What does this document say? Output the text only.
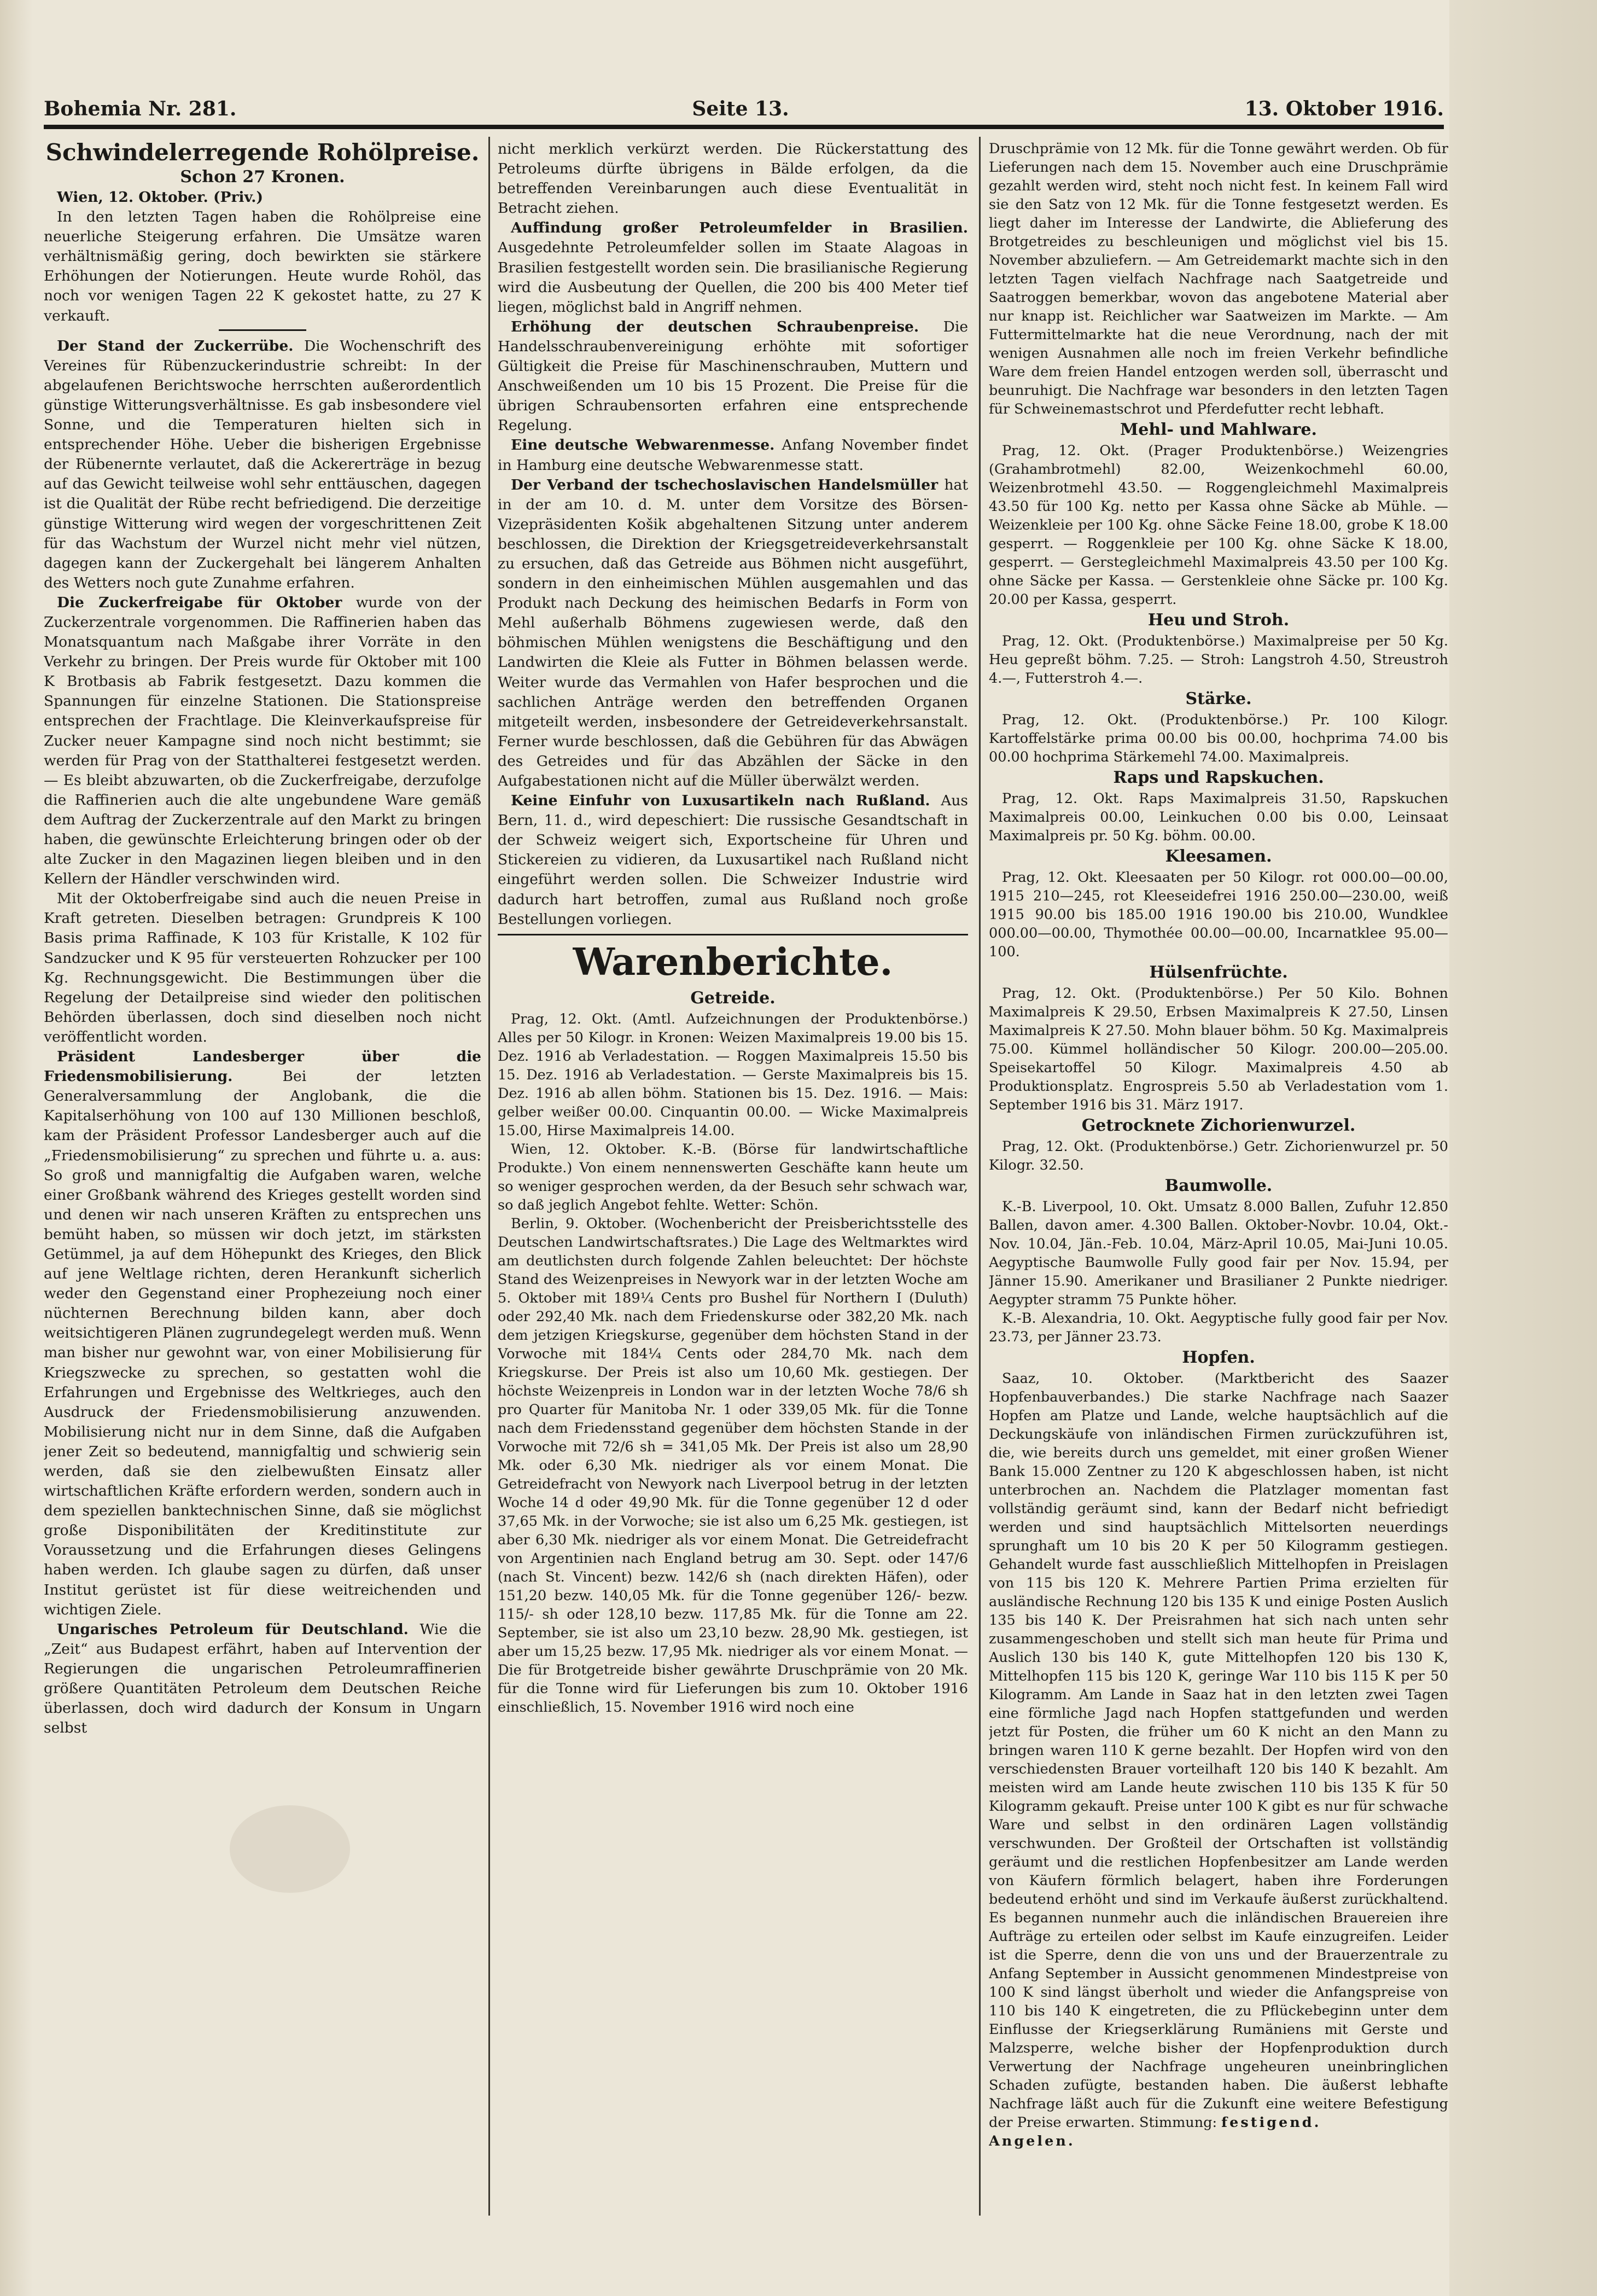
Bohemia Nr. 281.	Seite 13.	13. Oktober 1916.
Schwindelerregende Rohölpreise.
Schon 27 Kronen.

Wien, 12. Oktober. (Priv.)

In den letzten Tagen haben die Rohölpreise eine neuerliche Steigerung erfahren. Die Umsätze waren verhältnismäßig gering, doch bewirkten sie stärkere Erhöhungen der Notierungen. Heute wurde Rohöl, das noch vor wenigen Tagen 22 K gekostet hatte, zu 27 K verkauft.

Der Stand der Zuckerrübe. Die Wochenschrift des Vereines für Rübenzuckerindustrie schreibt: In der abgelaufenen Berichtswoche herrschten außerordentlich günstige Witterungsverhältnisse. Es gab insbesondere viel Sonne, und die Temperaturen hielten sich in entsprechender Höhe. Ueber die bisherigen Ergebnisse der Rübenernte verlautet, daß die Ackererträge in bezug auf das Gewicht teilweise wohl sehr enttäuschen, dagegen ist die Qualität der Rübe recht befriedigend. Die derzeitige günstige Witterung wird wegen der vorgeschrittenen Zeit für das Wachstum der Wurzel nicht mehr viel nützen, dagegen kann der Zuckergehalt bei längerem Anhalten des Wetters noch gute Zunahme erfahren.

Die Zuckerfreigabe für Oktober wurde von der Zuckerzentrale vorgenommen. Die Raffinerien haben das Monatsquantum nach Maßgabe ihrer Vorräte in den Verkehr zu bringen. Der Preis wurde für Oktober mit 100 K Brotbasis ab Fabrik festgesetzt. Dazu kommen die Spannungen für einzelne Stationen. Die Stationspreise entsprechen der Frachtlage. Die Kleinverkaufspreise für Zucker neuer Kampagne sind noch nicht bestimmt; sie werden für Prag von der Statthalterei festgesetzt werden. — Es bleibt abzuwarten, ob die Zuckerfreigabe, derzufolge die Raffinerien auch die alte ungebundene Ware gemäß dem Auftrag der Zuckerzentrale auf den Markt zu bringen haben, die gewünschte Erleichterung bringen oder ob der alte Zucker in den Magazinen liegen bleiben und in den Kellern der Händler verschwinden wird.

Mit der Oktoberfreigabe sind auch die neuen Preise in Kraft getreten. Dieselben betragen: Grundpreis K 100 Basis prima Raffinade, K 103 für Kristalle, K 102 für Sandzucker und K 95 für versteuerten Rohzucker per 100 Kg. Rechnungsgewicht. Die Bestimmungen über die Regelung der Detailpreise sind wieder den politischen Behörden überlassen, doch sind dieselben noch nicht veröffentlicht worden.

Präsident Landesberger über die Friedensmobilisierung.	Bei der letzten Generalversammlung der Anglobank, die die Kapitalserhöhung von 100 auf 130 Millionen beschloß, kam der Präsident Professor Landesberger auch auf die „Friedensmobilisierung“ zu sprechen und führte u. a. aus: So groß und mannigfaltig die Aufgaben waren, welche einer Großbank während des Krieges gestellt worden sind und denen wir nach unseren Kräften zu entsprechen uns bemüht haben, so müssen wir doch jetzt, im stärksten Getümmel, ja auf dem Höhepunkt des Krieges, den Blick auf jene Weltlage richten, deren Herankunft sicherlich weder den Gegenstand einer Prophezeiung noch einer nüchternen Berechnung bilden kann, aber doch weitsichtigeren Plänen zugrundegelegt werden muß. Wenn man bisher nur gewohnt war, von einer Mobilisierung für Kriegszwecke zu sprechen, so gestatten wohl die Erfahrungen und Ergebnisse des Weltkrieges, auch den Ausdruck der Friedensmobilisierung anzuwenden. Mobilisierung nicht nur in dem Sinne, daß die Aufgaben jener Zeit so bedeutend, mannigfaltig und schwierig sein werden, daß sie den zielbewußten Einsatz aller wirtschaftlichen Kräfte erfordern werden, sondern auch in dem speziellen banktechnischen Sinne, daß sie möglichst große Disponibilitäten der Kreditinstitute zur Voraussetzung und die Erfahrungen dieses Gelingens haben werden. Ich glaube sagen zu dürfen, daß unser Institut gerüstet ist für diese weitreichenden und wichtigen Ziele.

Ungarisches Petroleum für Deutschland. Wie die „Zeit“ aus Budapest erfährt, haben auf Intervention der Regierungen die ungarischen Petroleumraffinerien größere Quantitäten Petroleum dem Deutschen Reiche überlassen, doch wird dadurch der Konsum in Ungarn selbst

nicht merklich verkürzt werden. Die Rückerstattung des Petroleums dürfte übrigens in Bälde erfolgen, da die betreffenden Vereinbarungen auch diese Eventualität in Betracht ziehen.

Auffindung großer Petroleumfelder in Brasilien. Ausgedehnte Petroleumfelder sollen im Staate Alagoas in Brasilien festgestellt worden sein. Die brasilianische Regierung wird die Ausbeutung der Quellen, die 200 bis 400 Meter tief liegen, möglichst bald in Angriff nehmen.

Erhöhung der deutschen Schraubenpreise. Die Handelsschraubenvereinigung erhöhte mit sofortiger Gültigkeit die Preise für Maschinenschrauben, Muttern und Anschweißenden um 10 bis 15 Prozent. Die Preise für die übrigen Schraubensorten erfahren eine entsprechende Regelung.

Eine deutsche Webwarenmesse. Anfang November findet in Hamburg eine deutsche Webwarenmesse statt.

Der Verband der tschechoslavischen Handelsmüller hat in der am 10. d. M. unter dem Vorsitze des Börsen-Vizepräsidenten Košik abgehaltenen Sitzung unter anderem beschlossen, die Direktion der Kriegsgetreideverkehrsanstalt zu ersuchen, daß das Getreide aus Böhmen nicht ausgeführt, sondern in den einheimischen Mühlen ausgemahlen und das Produkt nach Deckung des heimischen Bedarfs in Form von Mehl außerhalb Böhmens zugewiesen werde, daß den böhmischen Mühlen wenigstens die Beschäftigung und den Landwirten die Kleie als Futter in Böhmen belassen werde. Weiter wurde das Vermahlen von Hafer besprochen und die sachlichen Anträge werden den betreffenden Organen mitgeteilt werden, insbesondere der Getreideverkehrsanstalt. Ferner wurde beschlossen, daß die Gebühren für das Abwägen des Getreides und für das Abzählen der Säcke in den Aufgabestationen nicht auf die Müller überwälzt werden.

Keine Einfuhr von Luxusartikeln nach Rußland. Aus Bern, 11. d., wird depeschiert: Die russische Gesandtschaft in der Schweiz weigert sich, Exportscheine für Uhren und Stickereien zu vidieren, da Luxusartikel nach Rußland nicht eingeführt werden sollen. Die Schweizer Industrie wird dadurch hart betroffen, zumal aus Rußland noch große Bestellungen vorliegen.

Warenberichte.
Getreide.

Prag, 12. Okt. (Amtl. Aufzeichnungen der Produktenbörse.) Alles per 50 Kilogr. in Kronen: Weizen Maximalpreis 19.00 bis 15. Dez. 1916 ab Verladestation. — Roggen Maximalpreis 15.50 bis 15. Dez. 1916 ab Verladestation. — Gerste Maximalpreis bis 15. Dez. 1916 ab allen böhm. Stationen bis 15. Dez. 1916. — Mais: gelber weißer 00.00. Cinquantin 00.00. — Wicke Maximalpreis 15.00, Hirse Maximalpreis 14.00.

Wien, 12. Oktober. K.-B. (Börse für landwirtschaftliche Produkte.) Von einem nennenswerten Geschäfte kann heute um so weniger gesprochen werden, da der Besuch sehr schwach war, so daß jeglich Angebot fehlte. Wetter: Schön.

Berlin, 9. Oktober. (Wochenbericht der Preisberichtsstelle des Deutschen Landwirtschaftsrates.) Die Lage des Weltmarktes wird am deutlichsten durch folgende Zahlen beleuchtet: Der höchste Stand des Weizenpreises in Newyork war in der letzten Woche am 5. Oktober mit 189¼ Cents pro Bushel für Northern I (Duluth) oder 292,40 Mk. nach dem Friedenskurse oder 382,20 Mk. nach dem jetzigen Kriegskurse, gegenüber dem höchsten Stand in der Vorwoche mit 184¼ Cents oder 284,70 Mk. nach dem Kriegskurse. Der Preis ist also um 10,60 Mk. gestiegen. Der höchste Weizenpreis in London war in der letzten Woche 78/6 sh pro Quarter für Manitoba Nr. 1 oder 339,05 Mk. für die Tonne nach dem Friedensstand gegenüber dem höchsten Stande in der Vorwoche mit 72/6 sh = 341,05 Mk. Der Preis ist also um 28,90 Mk. oder 6,30 Mk. niedriger als vor einem Monat. Die Getreidefracht von Newyork nach Liverpool betrug in der letzten Woche 14 d oder 49,90 Mk. für die Tonne gegenüber 12 d oder 37,65 Mk. in der Vorwoche; sie ist also um 6,25 Mk. gestiegen, ist aber 6,30 Mk. niedriger als vor einem Monat. Die Getreidefracht von Argentinien nach England betrug am 30. Sept. oder 147/6 (nach St. Vincent) bezw. 142/6 sh (nach direkten Häfen), oder 151,20 bezw. 140,05 Mk. für die Tonne gegenüber 126/- bezw. 115/- sh oder 128,10 bezw. 117,85 Mk. für die Tonne am 22. September, sie ist also um 23,10 bezw. 28,90 Mk. gestiegen, ist aber um 15,25 bezw. 17,95 Mk. niedriger als vor einem Monat. — Die für Brotgetreide bisher gewährte Druschprämie von 20 Mk. für die Tonne wird für Lieferungen bis zum 10. Oktober 1916 einschließlich, 15. November 1916 wird noch eine

Druschprämie von 12 Mk. für die Tonne gewährt werden. Ob für Lieferungen nach dem 15. November auch eine Druschprämie gezahlt werden wird, steht noch nicht fest. In keinem Fall wird sie den Satz von 12 Mk. für die Tonne festgesetzt werden. Es liegt daher im Interesse der Landwirte, die Ablieferung des Brotgetreides zu beschleunigen und möglichst viel bis 15. November abzuliefern. — Am Getreidemarkt machte sich in den letzten Tagen vielfach Nachfrage nach Saatgetreide und Saatroggen bemerkbar, wovon das angebotene Material aber nur knapp ist. Reichlicher war Saatweizen im Markte. — Am Futtermittelmarkte hat die neue Verordnung, nach der mit wenigen Ausnahmen alle noch im freien Verkehr befindliche Ware dem freien Handel entzogen werden soll, überrascht und beunruhigt. Die Nachfrage war besonders in den letzten Tagen für Schweinemastschrot und Pferdefutter recht lebhaft.

Mehl- und Mahlware.

Prag, 12. Okt. (Prager Produktenbörse.) Weizengries (Grahambrotmehl) 82.00, Weizenkochmehl 60.00, Weizenbrotmehl 43.50. — Roggengleichmehl Maximalpreis 43.50 für 100 Kg. netto per Kassa ohne Säcke ab Mühle. — Weizenkleie per 100 Kg. ohne Säcke Feine 18.00, grobe K 18.00 gesperrt. — Roggenkleie per 100 Kg. ohne Säcke K 18.00, gesperrt. — Gerstegleichmehl Maximalpreis 43.50 per 100 Kg. ohne Säcke per Kassa. — Gerstenkleie ohne Säcke pr. 100 Kg. 20.00 per Kassa, gesperrt.

Heu und Stroh.

Prag, 12. Okt. (Produktenbörse.) Maximalpreise per 50 Kg. Heu gepreßt böhm. 7.25. — Stroh: Langstroh 4.50, Streustroh 4.—, Futterstroh 4.—.

Stärke.

Prag, 12. Okt. (Produktenbörse.) Pr. 100 Kilogr. Kartoffelstärke prima 00.00 bis 00.00, hochprima 74.00 bis 00.00 hochprima Stärkemehl 74.00. Maximalpreis.

Raps und Rapskuchen.

Prag, 12. Okt. Raps Maximalpreis 31.50, Rapskuchen Maximalpreis 00.00, Leinkuchen 0.00 bis 0.00, Leinsaat Maximalpreis pr. 50 Kg. böhm. 00.00.

Kleesamen.

Prag, 12. Okt. Kleesaaten per 50 Kilogr. rot 000.00—00.00, 1915 210—245, rot Kleeseidefrei 1916 250.00—230.00, weiß 1915 90.00 bis 185.00 1916 190.00 bis 210.00, Wundklee 000.00—00.00, Thymothée 00.00—00.00, Incarnatklee 95.00—100.

Hülsenfrüchte.

Prag, 12. Okt. (Produktenbörse.) Per 50 Kilo. Bohnen Maximalpreis K 29.50, Erbsen Maximalpreis K 27.50, Linsen Maximalpreis K 27.50. Mohn blauer böhm. 50 Kg. Maximalpreis 75.00. Kümmel holländischer 50 Kilogr. 200.00—205.00. Speisekartoffel 50 Kilogr. Maximalpreis 4.50 ab Produktionsplatz. Engrospreis 5.50 ab Verladestation vom 1. September 1916 bis 31. März 1917.

Getrocknete Zichorienwurzel.

Prag, 12. Okt. (Produktenbörse.) Getr. Zichorienwurzel pr. 50 Kilogr. 32.50.

Baumwolle.

K.-B. Liverpool, 10. Okt. Umsatz 8.000 Ballen, Zufuhr 12.850 Ballen, davon amer. 4.300 Ballen. Oktober-Novbr. 10.04, Okt.-Nov. 10.04, Jän.-Feb. 10.04, März-April 10.05, Mai-Juni 10.05. Aegyptische Baumwolle Fully good fair per Nov. 15.94, per Jänner 15.90. Amerikaner und Brasilianer 2 Punkte niedriger. Aegypter stramm 75 Punkte höher.

K.-B. Alexandria, 10. Okt. Aegyptische fully good fair per Nov. 23.73, per Jänner 23.73.

Hopfen.

Saaz, 10. Oktober. (Marktbericht des Saazer Hopfenbauverbandes.) Die starke Nachfrage nach Saazer Hopfen am Platze und Lande, welche hauptsächlich auf die Deckungskäufe von inländischen Firmen zurückzuführen ist, die, wie bereits durch uns gemeldet, mit einer großen Wiener Bank 15.000 Zentner zu 120 K abgeschlossen haben, ist nicht unterbrochen an. Nachdem die Platzlager momentan fast vollständig geräumt sind, kann der Bedarf nicht befriedigt werden und sind hauptsächlich Mittelsorten neuerdings sprunghaft um 10 bis 20 K per 50 Kilogramm gestiegen. Gehandelt wurde fast ausschließlich Mittelhopfen in Preislagen von 115 bis 120 K. Mehrere Partien Prima erzielten für ausländische Rechnung 120 bis 135 K und einige Posten Auslich 135 bis 140 K. Der Preisrahmen hat sich nach unten sehr zusammengeschoben und stellt sich man heute für Prima und Auslich 130 bis 140 K, gute Mittelhopfen 120 bis 130 K, Mittelhopfen 115 bis 120 K, geringe War 110 bis 115 K per 50 Kilogramm. Am Lande in Saaz hat in den letzten zwei Tagen eine förmliche Jagd nach Hopfen stattgefunden und werden jetzt für Posten, die früher um 60 K nicht an den Mann zu bringen waren 110 K gerne bezahlt. Der Hopfen wird von den verschiedensten Brauer vorteilhaft 120 bis 140 K bezahlt. Am meisten wird am Lande heute zwischen 110 bis 135 K für 50 Kilogramm gekauft. Preise unter 100 K gibt es nur für schwache Ware und selbst in den ordinären Lagen vollständig verschwunden. Der Großteil der Ortschaften ist vollständig geräumt und die restlichen Hopfenbesitzer am Lande werden von Käufern förmlich belagert, haben ihre Forderungen bedeutend erhöht und sind im Verkaufe äußerst zurückhaltend. Es begannen nunmehr auch die inländischen Brauereien ihre Aufträge zu erteilen oder selbst im Kaufe einzugreifen. Leider ist die Sperre, denn die von uns und der Brauerzentrale zu Anfang September in Aussicht genommenen Mindestpreise von 100 K sind längst überholt und wieder die Anfangspreise von 110 bis 140 K eingetreten, die zu Pflückebeginn unter dem Einflusse der Kriegserklärung Rumäniens mit Gerste und Malzsperre, welche bisher der Hopfenproduktion durch Verwertung der Nachfrage ungeheuren uneinbringlichen Schaden zufügte, bestanden haben. Die äußerst lebhafte Nachfrage läßt auch für die Zukunft eine weitere Befestigung der Preise erwarten. Stimmung: festigend.

Angelen.
